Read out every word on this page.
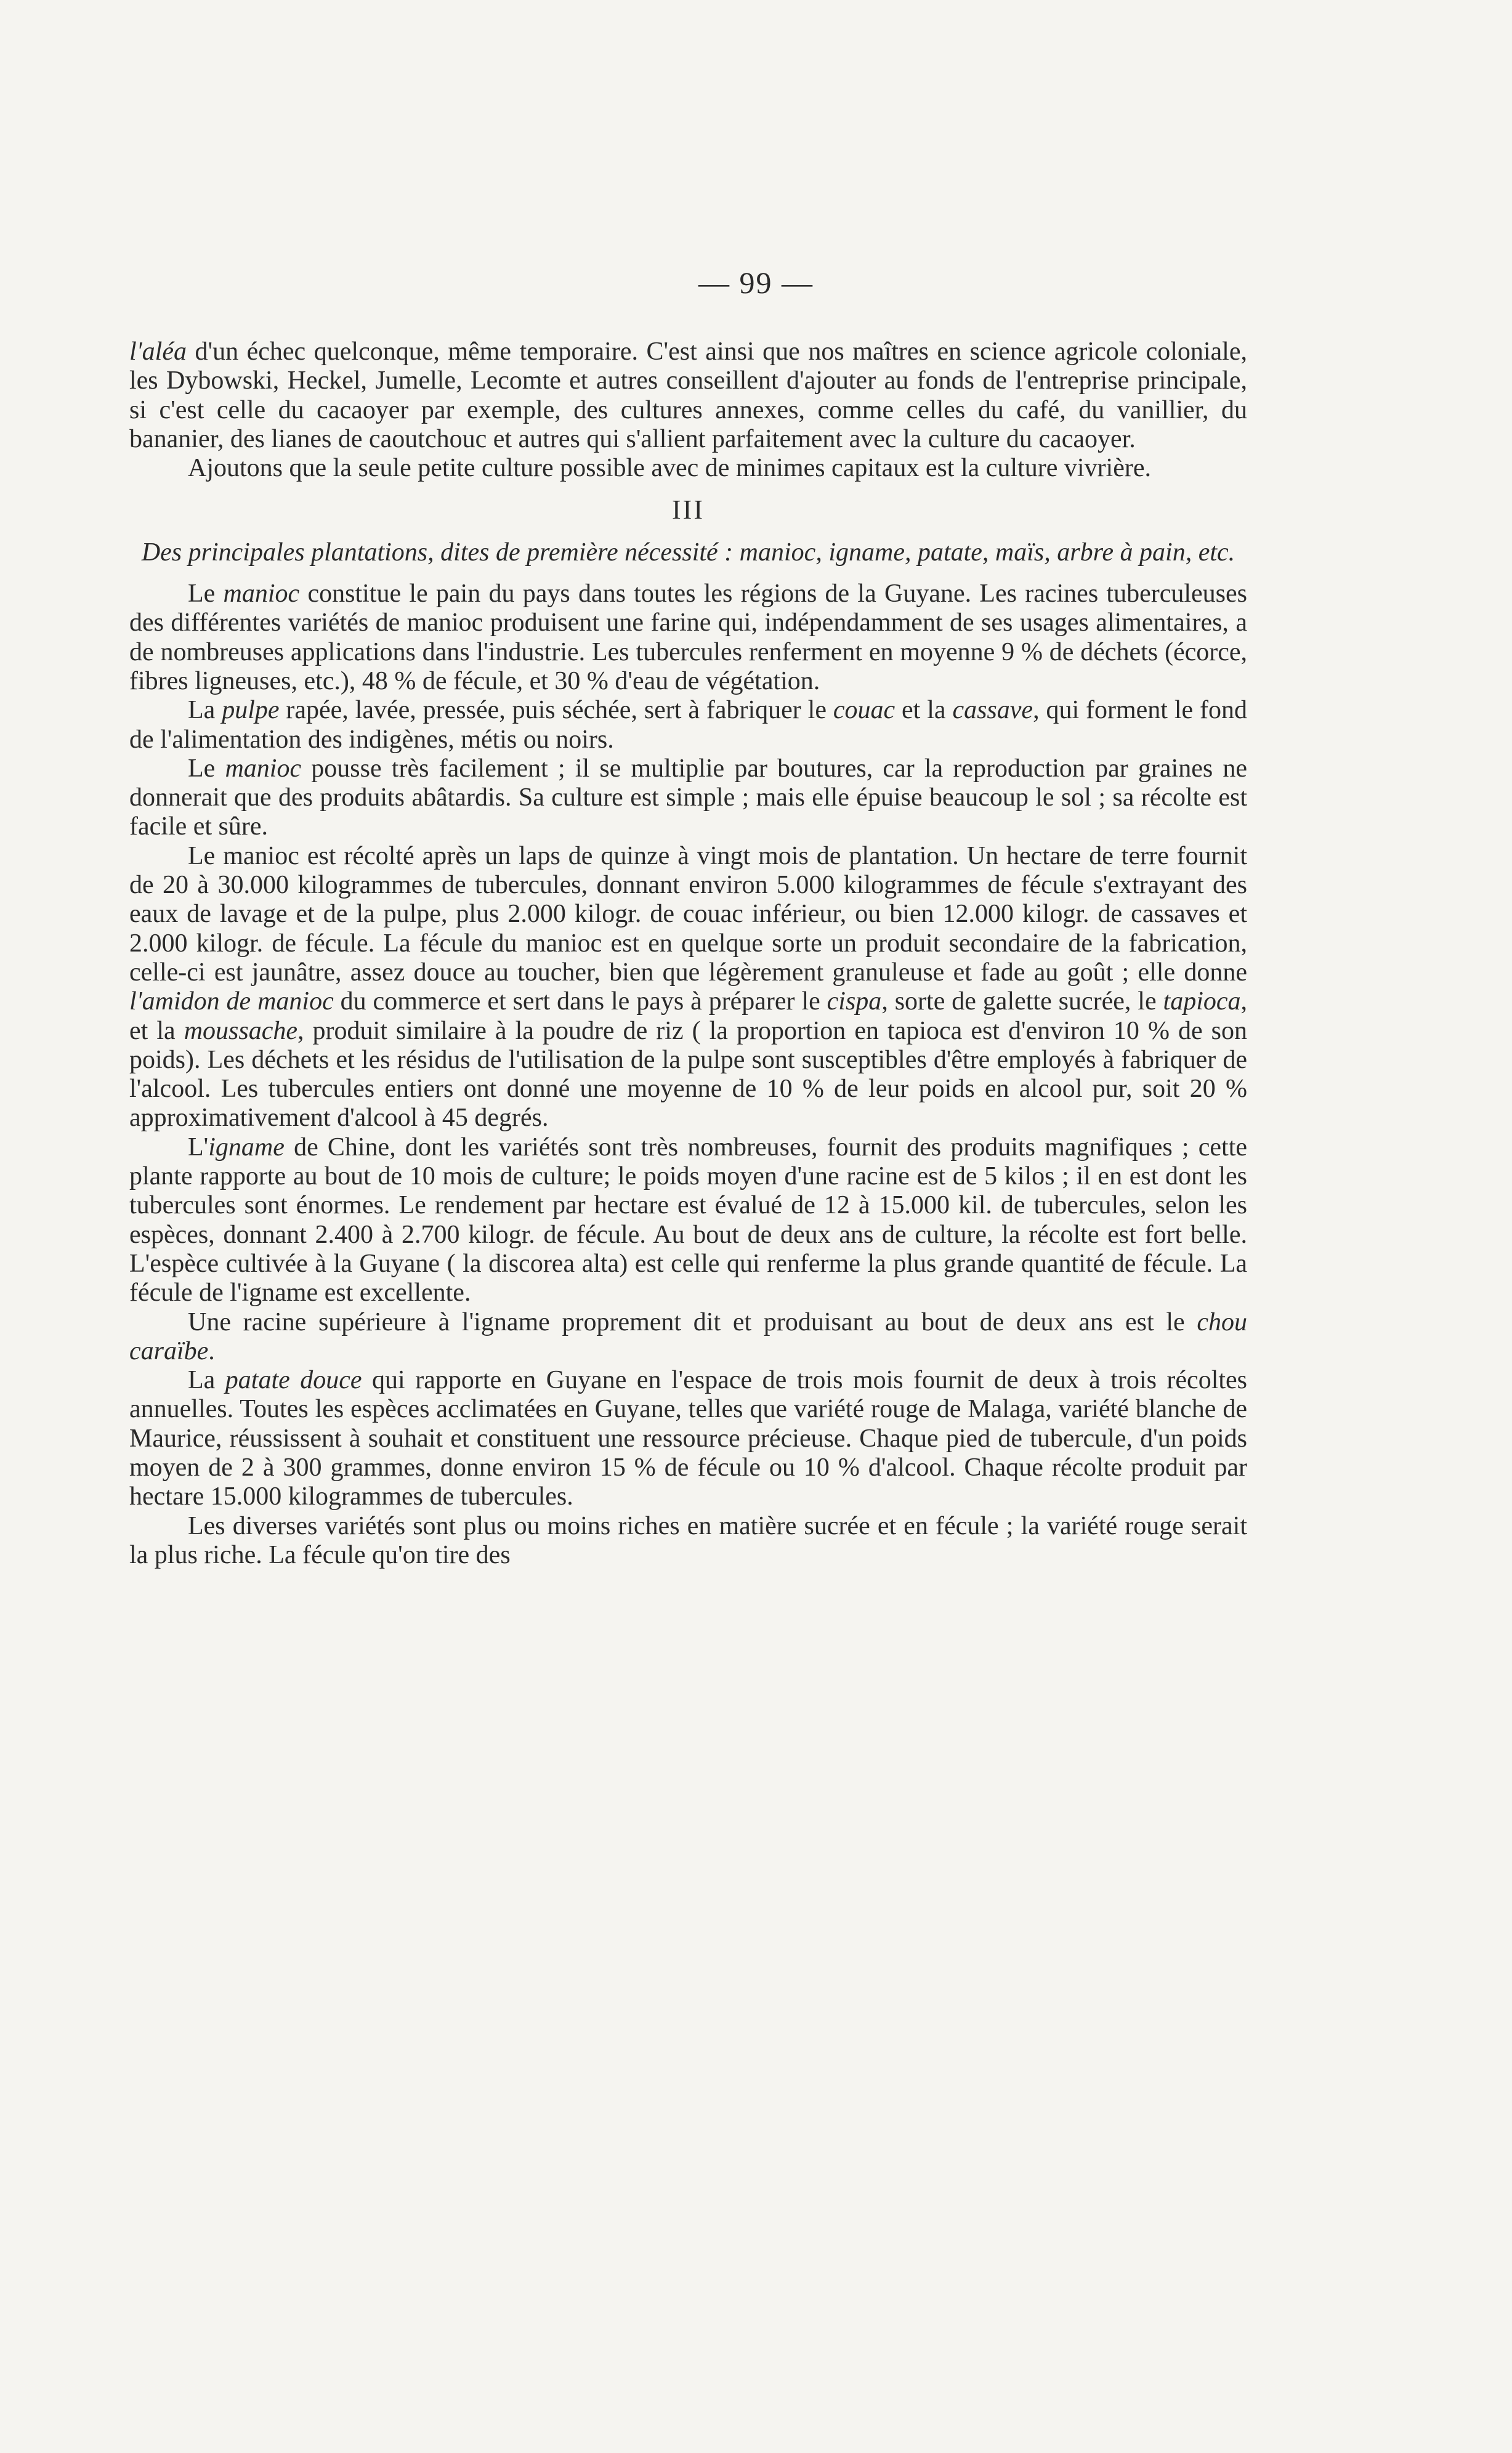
— 99 —

l'aléa d'un échec quelconque, même temporaire. C'est ainsi que nos maîtres en science agricole coloniale, les Dybowski, Heckel, Jumelle, Lecomte et autres conseillent d'ajouter au fonds de l'entreprise principale, si c'est celle du cacaoyer par exemple, des cultures annexes, comme celles du café, du vanillier, du bananier, des lianes de caoutchouc et autres qui s'allient parfaitement avec la culture du cacaoyer.

Ajoutons que la seule petite culture possible avec de minimes capitaux est la culture vivrière.

III
Des principales plantations, dites de première nécessité : manioc, igname, patate, maïs, arbre à pain, etc.

Le manioc constitue le pain du pays dans toutes les régions de la Guyane. Les racines tuberculeuses des différentes variétés de manioc produisent une farine qui, indépendamment de ses usages alimentaires, a de nombreuses applications dans l'industrie. Les tubercules renferment en moyenne 9 % de déchets (écorce, fibres ligneuses, etc.), 48 % de fécule, et 30 % d'eau de végétation.

La pulpe rapée, lavée, pressée, puis séchée, sert à fabriquer le couac et la cassave, qui forment le fond de l'alimentation des indigènes, métis ou noirs.

Le manioc pousse très facilement ; il se multiplie par boutures, car la reproduction par graines ne donnerait que des produits abâtardis. Sa culture est simple ; mais elle épuise beaucoup le sol ; sa récolte est facile et sûre.

Le manioc est récolté après un laps de quinze à vingt mois de plantation. Un hectare de terre fournit de 20 à 30.000 kilogrammes de tubercules, donnant environ 5.000 kilogrammes de fécule s'extrayant des eaux de lavage et de la pulpe, plus 2.000 kilogr. de couac inférieur, ou bien 12.000 kilogr. de cassaves et 2.000 kilogr. de fécule. La fécule du manioc est en quelque sorte un produit secondaire de la fabrication, celle-ci est jaunâtre, assez douce au toucher, bien que légèrement granuleuse et fade au goût ; elle donne l'amidon de manioc du commerce et sert dans le pays à préparer le cispa, sorte de galette sucrée, le tapioca, et la moussache, produit similaire à la poudre de riz ( la proportion en tapioca est d'environ 10 % de son poids). Les déchets et les résidus de l'utilisation de la pulpe sont susceptibles d'être employés à fabriquer de l'alcool. Les tubercules entiers ont donné une moyenne de 10 % de leur poids en alcool pur, soit 20 % approximativement d'alcool à 45 degrés.

L'igname de Chine, dont les variétés sont très nombreuses, fournit des produits magnifiques ; cette plante rapporte au bout de 10 mois de culture; le poids moyen d'une racine est de 5 kilos ; il en est dont les tubercules sont énormes. Le rendement par hectare est évalué de 12 à 15.000 kil. de tubercules, selon les espèces, donnant 2.400 à 2.700 kilogr. de fécule. Au bout de deux ans de culture, la récolte est fort belle. L'espèce cultivée à la Guyane ( la discorea alta) est celle qui renferme la plus grande quantité de fécule. La fécule de l'igname est excellente.

Une racine supérieure à l'igname proprement dit et produisant au bout de deux ans est le chou caraïbe.

La patate douce qui rapporte en Guyane en l'espace de trois mois fournit de deux à trois récoltes annuelles. Toutes les espèces acclimatées en Guyane, telles que variété rouge de Malaga, variété blanche de Maurice, réussissent à souhait et constituent une ressource précieuse. Chaque pied de tubercule, d'un poids moyen de 2 à 300 grammes, donne environ 15 % de fécule ou 10 % d'alcool. Chaque récolte produit par hectare 15.000 kilogrammes de tubercules.

Les diverses variétés sont plus ou moins riches en matière sucrée et en fécule ; la variété rouge serait la plus riche. La fécule qu'on tire des
